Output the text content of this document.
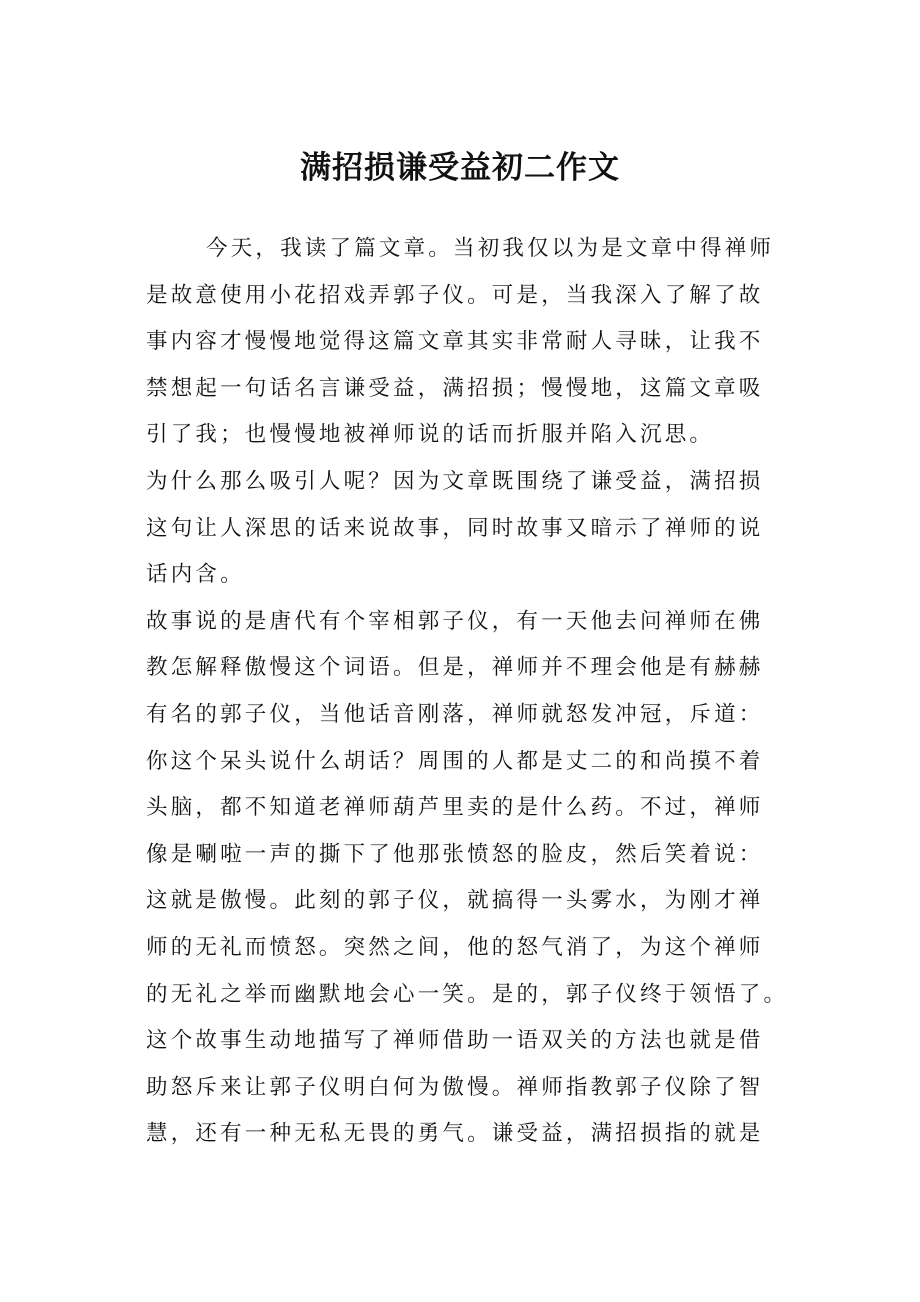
满招损谦受益初二作文
今天，我读了篇文章。当初我仅以为是文章中得禅师
是故意使用小花招戏弄郭子仪。可是，当我深入了解了故
事内容才慢慢地觉得这篇文章其实非常耐人寻昧，让我不
禁想起一句话名言谦受益，满招损；慢慢地，这篇文章吸
引了我；也慢慢地被禅师说的话而折服并陷入沉思。
为什么那么吸引人呢？因为文章既围绕了谦受益，满招损
这句让人深思的话来说故事，同时故事又暗示了禅师的说
话内含。
故事说的是唐代有个宰相郭子仪，有一天他去问禅师在佛
教怎解释傲慢这个词语。但是，禅师并不理会他是有赫赫
有名的郭子仪，当他话音刚落，禅师就怒发冲冠，斥道：
你这个呆头说什么胡话？周围的人都是丈二的和尚摸不着
头脑，都不知道老禅师葫芦里卖的是什么药。不过，禅师
像是唰啦一声的撕下了他那张愤怒的脸皮，然后笑着说：
这就是傲慢。此刻的郭子仪，就搞得一头雾水，为刚才禅
师的无礼而愤怒。突然之间，他的怒气消了，为这个禅师
的无礼之举而幽默地会心一笑。是的，郭子仪终于领悟了。
这个故事生动地描写了禅师借助一语双关的方法也就是借
助怒斥来让郭子仪明白何为傲慢。禅师指教郭子仪除了智
慧，还有一种无私无畏的勇气。谦受益，满招损指的就是
